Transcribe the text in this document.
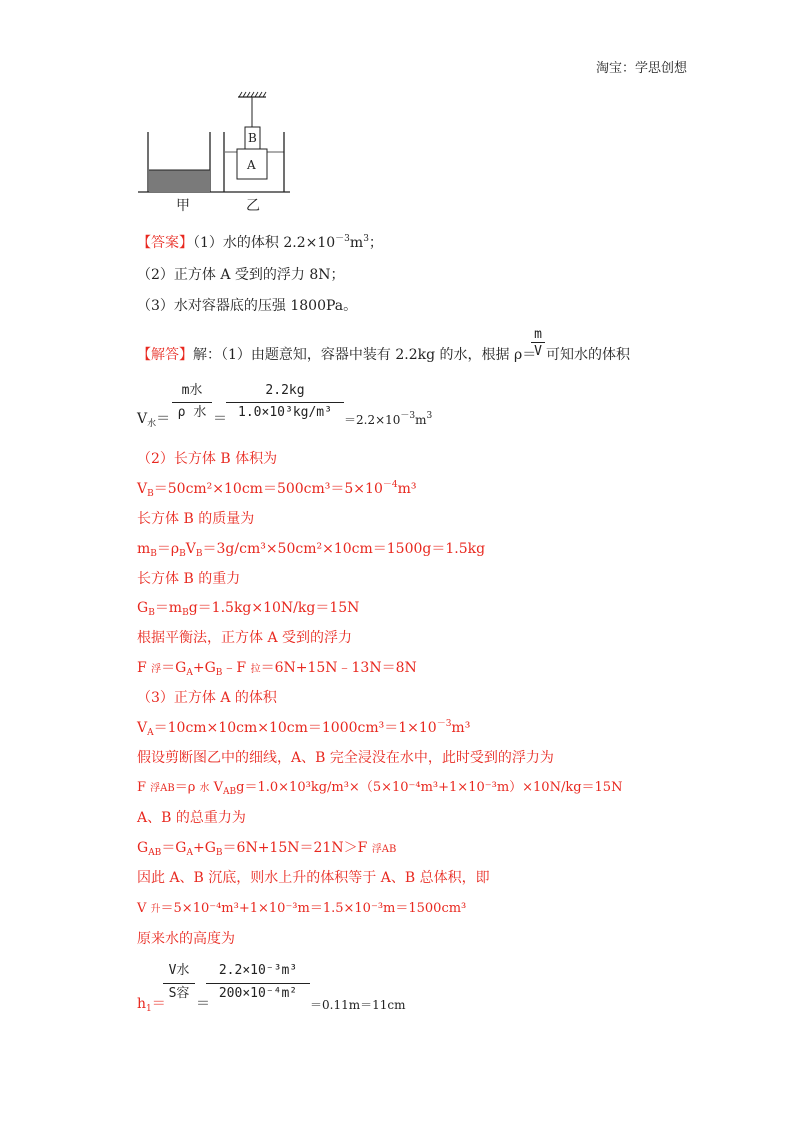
淘宝：学思创想
B
A
甲	乙
【答案】（1）水的体积 $2.2\times 10^{-3}m^3$；
（2）正方体 A 受到的浮力 8N；
（3）水对容器底的压强 1800Pa。
【解答】解：（1）由题意知，容器中装有 2.2kg 的水，根据 ρ＝
m
V 可知水的体积
$V_水=$
m水
ρ 水 ＝
2.2kg
1.0×10³kg/m³	$=2.2\times 10^{-3}m^3$
（2）长方体 B 体积为
$V_B=50cm^2\times 10cm=500cm^3=5\times 10^{-4}m^3$
长方体 B 的质量为
$m_B=\rho_BV_B=3g/cm^3\times 50cm^2\times 10cm=1500g=1.5kg$
长方体 B 的重力
$G_B=m_Bg=1.5kg\times 10N/kg=15N$
根据平衡法，正方体 A 受到的浮力
F 浮$=G_A+G_B﹣F$ 拉＝6N+15N﹣13N＝8N
（3）正方体 A 的体积
$V_A=10cm\times 10cm\times 10cm=1000cm^3=1\times 10^{-3}m^3$
假设剪断图乙中的细线，A、B 完全浸没在水中，此时受到的浮力为
F 浮AB＝ρ 水 $V_{AB}g=1.0\times 10^3kg/m^3\times(5\times 10^{-4}m^3+1\times 10^{-3}m)\times 10N/kg=15N$
A、B 的总重力为
$G_{AB}=G_A+G_B=6N+15N=21N>F$ 浮AB
因此 A、B 沉底，则水上升的体积等于 A、B 总体积，即
V 升＝5×10⁻⁴m³+1×10⁻³m＝1.5×10⁻³m＝1500cm³
原来水的高度为
$h_1=$
V水
S容
＝
2.2×10⁻³m³
200×10⁻⁴m²
＝0.11m＝11cm
